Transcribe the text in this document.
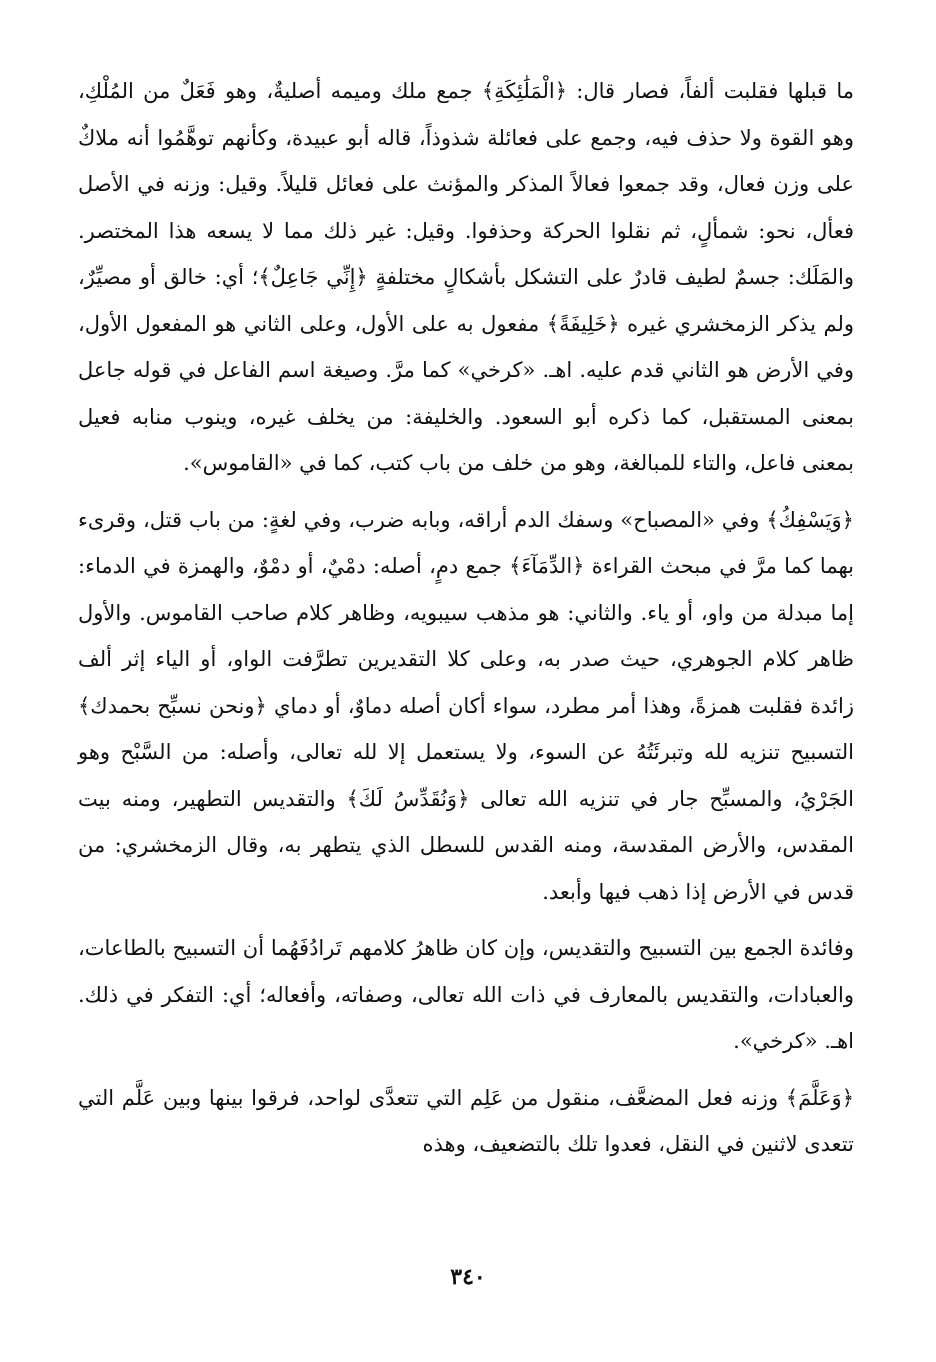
ما قبلها فقلبت ألفاً، فصار قال: ﴿الْمَلَٰئِكَةِ﴾ جمع ملك وميمه أصليةٌ، وهو فَعَلٌ من المُلْكِ، وهو القوة ولا حذف فيه، وجمع على فعائلة شذوذاً، قاله أبو عبيدة، وكأنهم توهَّمُوا أنه ملاكٌ على وزن فعال، وقد جمعوا فعالاً المذكر والمؤنث على فعائل قليلاً. وقيل: وزنه في الأصل فعأل، نحو: شمألٍ، ثم نقلوا الحركة وحذفوا. وقيل: غير ذلك مما لا يسعه هذا المختصر. والمَلَك: جسمٌ لطيف قادرٌ على التشكل بأشكالٍ مختلفةٍ ﴿إِنِّي جَاعِلٌ﴾؛ أي: خالق أو مصيِّرٌ، ولم يذكر الزمخشري غيره ﴿خَلِيفَةً﴾ مفعول به على الأول، وعلى الثاني هو المفعول الأول، وفي الأرض هو الثاني قدم عليه. اهـ. «كرخي» كما مرَّ. وصيغة اسم الفاعل في قوله جاعل بمعنى المستقبل، كما ذكره أبو السعود. والخليفة: من يخلف غيره، وينوب منابه فعيل بمعنى فاعل، والتاء للمبالغة، وهو من خلف من باب كتب، كما في «القاموس».

﴿وَيَسْفِكُ﴾ وفي «المصباح» وسفك الدم أراقه، وبابه ضرب، وفي لغةٍ: من باب قتل، وقرىء بهما كما مرَّ في مبحث القراءة ﴿الدِّمَآءَ﴾ جمع دمٍ، أصله: دمْيٌ، أو دمْوٌ، والهمزة في الدماء: إما مبدلة من واو، أو ياء. والثاني: هو مذهب سيبويه، وظاهر كلام صاحب القاموس. والأول ظاهر كلام الجوهري، حيث صدر به، وعلى كلا التقديرين تطرَّفت الواو، أو الياء إثر ألف زائدة فقلبت همزةً، وهذا أمر مطرد، سواء أكان أصله دماوٌ، أو دماي ﴿ونحن نسبِّح بحمدك﴾ التسبيح تنزيه لله وتبرئَتُهُ عن السوء، ولا يستعمل إلا لله تعالى، وأصله: من السَّبْح وهو الجَرْيُ، والمسبِّح جار في تنزيه الله تعالى ﴿وَنُقَدِّسُ لَكَ﴾ والتقديس التطهير، ومنه بيت المقدس، والأرض المقدسة، ومنه القدس للسطل الذي يتطهر به، وقال الزمخشري: من قدس في الأرض إذا ذهب فيها وأبعد.

وفائدة الجمع بين التسبيح والتقديس، وإن كان ظاهرُ كلامهم تَرادُفَهُما أن التسبيح بالطاعات، والعبادات، والتقديس بالمعارف في ذات الله تعالى، وصفاته، وأفعاله؛ أي: التفكر في ذلك. اهـ. «كرخي».

﴿وَعَلَّمَ﴾ وزنه فعل المضعَّف، منقول من عَلِم التي تتعدَّى لواحد، فرقوا بينها وبين عَلَّم التي تتعدى لاثنين في النقل، فعدوا تلك بالتضعيف، وهذه

٣٤٠
